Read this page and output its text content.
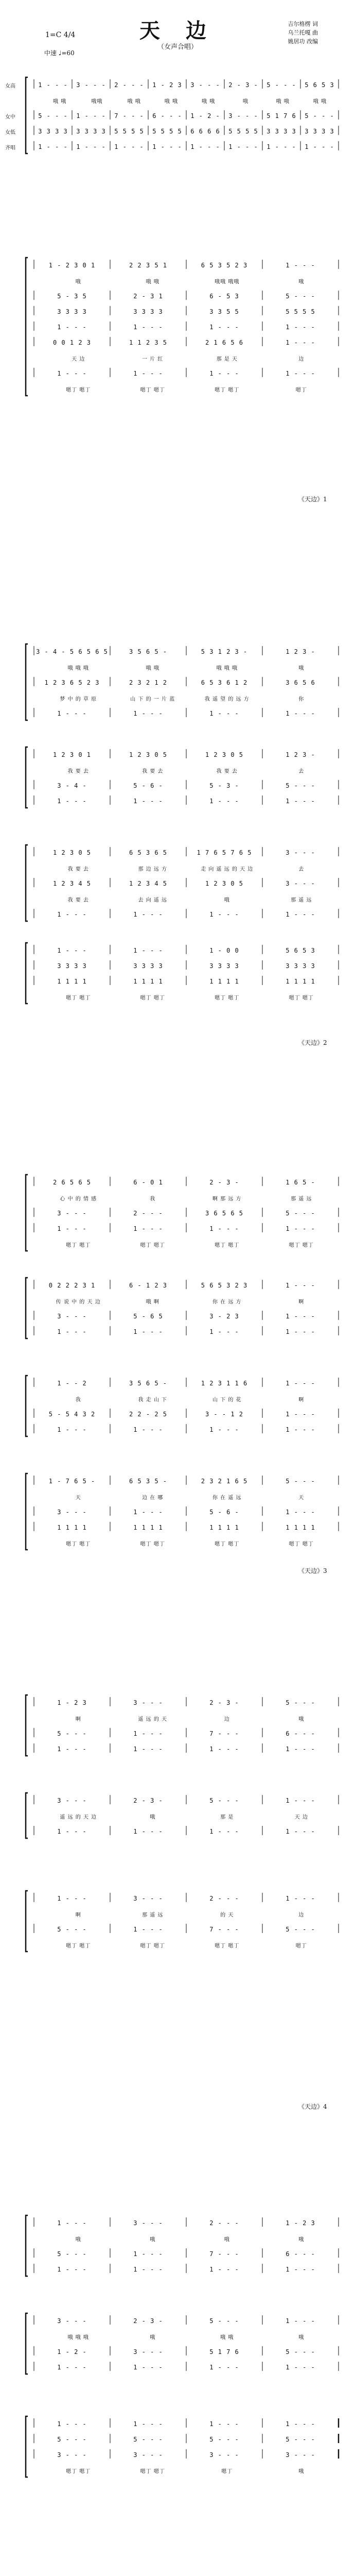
天 边
（女声合唱）
吉尔格楞 词
乌兰托嘎 曲
姚居功 改编
1=C 4/4
中速 ♩=60
女高	1 - - -	3 - - -	2 - - -	1 - 2 3	3 - - -	2 - 3 -	5 - - -	5 6 5 3
哦 哦	哦哦	哦 哦	哦 哦	哦 哦	哦	哦 哦	哦 哦
女中	5 - - -	1 - - -	7 - - -	6 - - -	1 - 2 -	3 - - -	5 1 7 6	5 - - -
女低	3 3 3 3	3 3 3 3	5 5 5 5	5 5 5 5	6 6 6 6	5 5 5 5	3 3 3 3	3 3 3 3
齐唱	1 - - -	1 - - -	1 - - -	1 - - -	1 - - -	1 - - -	1 - - -	1 - - -
1 - 2 3 0 1	2 2 3 5 1	6 5 3 5 2 3	1 - - -
哦	哦 哦	哦哦 哦哦	哦
5 - 3 5	2 - 3 1	6 - 5 3	5 - - -
3 3 3 3	3 3 3 3	3 3 5 5	5 5 5 5
1 - - -	1 - - -	1 - - -	1 - - -
0 0 1 2 3	1 1 2 3 5	2 1 6 5 6	1 - - -
天 边	一 片 红	那 是 天	边
1 - - -	1 - - -	1 - - -	1 - - -
嗯丁 嗯丁	嗯丁 嗯丁	嗯丁 嗯丁	嗯丁
3 - 4 - 5 6 5 6 5	3 5 6 5 -	5 3 1 2 3 -	1 2 3 -
哦 哦 哦	哦 哦	哦 哦 哦	哦
1 2 3 6 5 2 3	2 3 2 1 2	6 5 3 6 1 2	3 6 5 6
梦 中 的 草 原	山 下 的 一 片 蓝	我 遥 望 的 远 方	你
1 - - -	1 - - -	1 - - -	1 - - -
1 2 3 0 1	1 2 3 0 5	1 2 3 0 5	1 2 3 -
我 要 去	我 要 去	我 要 去	去
3 - 4 -	5 - 6 -	5 - 3 -	5 - - -
1 - - -	1 - - -	1 - - -	1 - - -
1 2 3 0 5	6 5 3 6 5	1 7 6 5 7 6 5	3 - - -
我 要 去	那 边 远 方	走 向 遥 远 的 天 边	去
1 2 3 4 5	1 2 3 4 5	1 2 3 0 5	3 - - -
我 要 去	去 向 遥 远	哦	那 遥 远
1 - - -	1 - - -	1 - - -	1 - - -
1 - - -	1 - - -	1 - 0 0	5 6 5 3
3 3 3 3	3 3 3 3	3 3 3 3	3 3 3 3
1 1 1 1	1 1 1 1	1 1 1 1	1 1 1 1
嗯丁 嗯丁	嗯丁 嗯丁	嗯丁 嗯丁	嗯丁 嗯丁
2 6 5 6 5	6 - 0 1	2 - 3 -	1 6 5 -
心 中 的 情 感	我	啊 那 远 方	那 遥 远
3 - - -	2 - - -	3 6 5 6 5	5 - - -
1 - - -	1 - - -	1 - - -	1 - - -
嗯丁 嗯丁	嗯丁 嗯丁	嗯丁 嗯丁	嗯丁 嗯丁
0 2 2 2 3 1	6 - 1 2 3	5 6 5 3 2 3	1 - - -
传 说 中 的 天 边	哦 啊	你 在 远 方	啊
3 - - -	5 - 6 5	3 - 2 3	1 - - -
1 - - -	1 - - -	1 - - -	1 - - -
1 - - 2	3 5 6 5 -	1 2 3 1 1 6	1 - - -
我	我 走 山 下	山 下 的 花	啊
5 - 5 4 3 2	2 2 - 2 5	3 - - 1 2	1 - - -
1 - - -	1 - - -	1 - - -	1 - - -
1 - 7 6 5 -	6 5 3 5 -	2 3 2 1 6 5	5 - - -
天	边 在 哪	你 在 遥 远	天
3 - - -	1 - - -	5 - 6 -	1 - - -
1 1 1 1	1 1 1 1	1 1 1 1	1 1 1 1
嗯丁 嗯丁	嗯丁 嗯丁	嗯丁 嗯丁	嗯丁 嗯丁
1 - 2 3	3 - - -	2 - 3 -	5 - - -
啊	遥 远 的 天	边	哦
5 - - -	1 - - -	7 - - -	6 - - -
1 - - -	1 - - -	1 - - -	1 - - -
3 - - -	2 - 3 -	5 - - -	1 - - -
遥 远 的 天 边	哦	那 是	天 边
1 - - -	1 - - -	1 - - -	1 - - -
1 - - -	3 - - -	2 - - -	1 - - -
啊	那 遥 远	的 天	边
5 - - -	1 - - -	7 - - -	5 - - -
嗯丁 嗯丁	嗯丁 嗯丁	嗯丁 嗯丁	嗯丁
1 - - -	3 - - -	2 - - -	1 - 2 3
哦	哦	哦	哦
5 - - -	1 - - -	7 - - -	6 - - -
1 - - -	1 - - -	1 - - -	1 - - -
3 - - -	2 - 3 -	5 - - -	1 - - -
哦 哦 哦	哦	哦 哦	哦
1 - 2 -	3 - - -	5 1 7 6	5 - - -
1 - - -	1 - - -	1 - - -	1 - - -
1 - - -	1 - - -	1 - - -	1 - - -
5 - - -	5 - - -	5 - - -	5 - - -
3 - - -	3 - - -	3 - - -	3 - - -
嗯丁 嗯丁	嗯丁 嗯丁	嗯丁	哦
《天边》1
《天边》2
《天边》3
《天边》4
